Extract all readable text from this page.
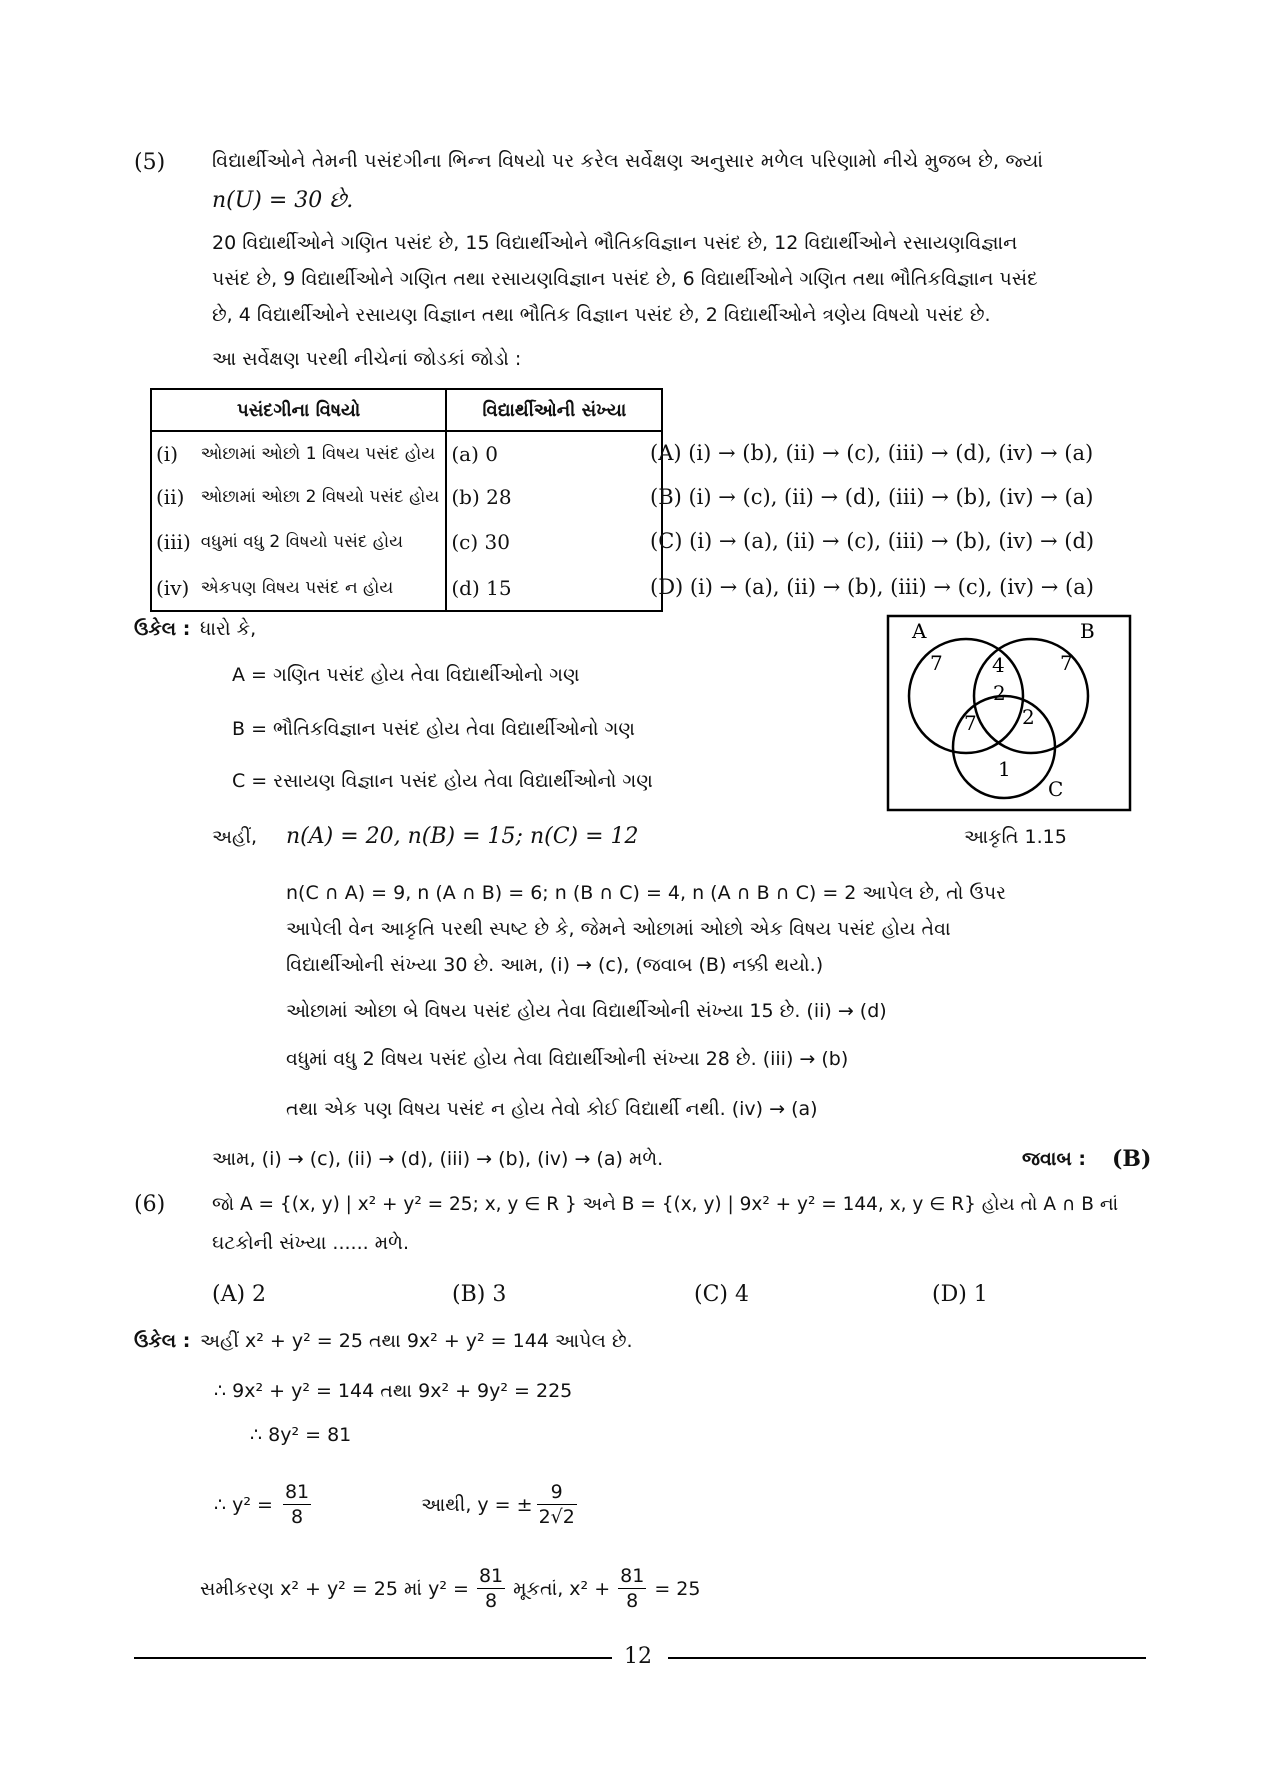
(5) વિદ્યાર્થીઓને તેમની પસંદગીના ભિન્ન વિષયો પર કરેલ સર્વેક્ષણ અનુસાર મળેલ પરિણામો નીચે મુજબ છે, જ્યાં
n(U) = 30 છે.
20 વિદ્યાર્થીઓને ગણિત પસંદ છે, 15 વિદ્યાર્થીઓને ભૌતિકવિજ્ઞાન પસંદ છે, 12 વિદ્યાર્થીઓને રસાયણવિજ્ઞાન
પસંદ છે, 9 વિદ્યાર્થીઓને ગણિત તથા રસાયણવિજ્ઞાન પસંદ છે, 6 વિદ્યાર્થીઓને ગણિત તથા ભૌતિકવિજ્ઞાન પસંદ
છે, 4 વિદ્યાર્થીઓને રસાયણ વિજ્ઞાન તથા ભૌતિક વિજ્ઞાન પસંદ છે, 2 વિદ્યાર્થીઓને ત્રણેય વિષયો પસંદ છે.
આ સર્વેક્ષણ પરથી નીચેનાં જોડકાં જોડો :
પસંદગીના વિષયો		વિદ્યાર્થીઓની સંખ્યા
(i)	ઓછામાં ઓછો 1 વિષય પસંદ હોય	(a) 0
(ii)	ઓછામાં ઓછા 2 વિષયો પસંદ હોય	(b) 28
(iii)	વધુમાં વધુ 2 વિષયો પસંદ હોય	(c) 30
(iv)	એકપણ વિષય પસંદ ન હોય	(d) 15
(A) (i) → (b), (ii) → (c), (iii) → (d), (iv) → (a)
(B) (i) → (c), (ii) → (d), (iii) → (b), (iv) → (a)
(C) (i) → (a), (ii) → (c), (iii) → (b), (iv) → (d)
(D) (i) → (a), (ii) → (b), (iii) → (c), (iv) → (a)
ઉકેલ : ધારો કે,
A = ગણિત પસંદ હોય તેવા વિદ્યાર્થીઓનો ગણ
B = ભૌતિકવિજ્ઞાન પસંદ હોય તેવા વિદ્યાર્થીઓનો ગણ
C = રસાયણ વિજ્ઞાન પસંદ હોય તેવા વિદ્યાર્થીઓનો ગણ
અહીં, n(A) = 20, n(B) = 15; n(C) = 12
A	B
C
7	7
4
2
7 2
1
આકૃતિ 1.15
n(C ∩ A) = 9, n (A ∩ B) = 6; n (B ∩ C) = 4, n (A ∩ B ∩ C) = 2 આપેલ છે, તો ઉપર
આપેલી વેન આકૃતિ પરથી સ્પષ્ટ છે કે, જેમને ઓછામાં ઓછો એક વિષય પસંદ હોય તેવા
વિદ્યાર્થીઓની સંખ્યા 30 છે. આમ, (i) → (c), (જવાબ (B) નક્કી થયો.)
ઓછામાં ઓછા બે વિષય પસંદ હોય તેવા વિદ્યાર્થીઓની સંખ્યા 15 છે. (ii) → (d)
વધુમાં વધુ 2 વિષય પસંદ હોય તેવા વિદ્યાર્થીઓની સંખ્યા 28 છે. (iii) → (b)
તથા એક પણ વિષય પસંદ ન હોય તેવો કોઈ વિદ્યાર્થી નથી. (iv) → (a)
આમ, (i) → (c), (ii) → (d), (iii) → (b), (iv) → (a) મળે.	જવાબ : (B)
(6)	જો A = {(x, y) | x² + y² = 25; x, y ∈ R } અને B = {(x, y) | 9x² + y² = 144, x, y ∈ R} હોય તો A ∩ B નાં
ઘટકોની સંખ્યા ...... મળે.
(A) 2	(B) 3	(C) 4	(D) 1
ઉકેલ : અહીં x² + y² = 25 તથા 9x² + y² = 144 આપેલ છે.
∴ 9x² + y² = 144 તથા 9x² + 9y² = 225
∴ 8y² = 81
∴ $y^2 = \frac{81}{8}$	આથી, y = ± $\frac{9}{2√2}$
સમીકરણ x² + y² = 25 માં $y^2 = \frac{81}{8}$ મૂકતાં, $x^2 + \frac{81}{8} = 25$
12
